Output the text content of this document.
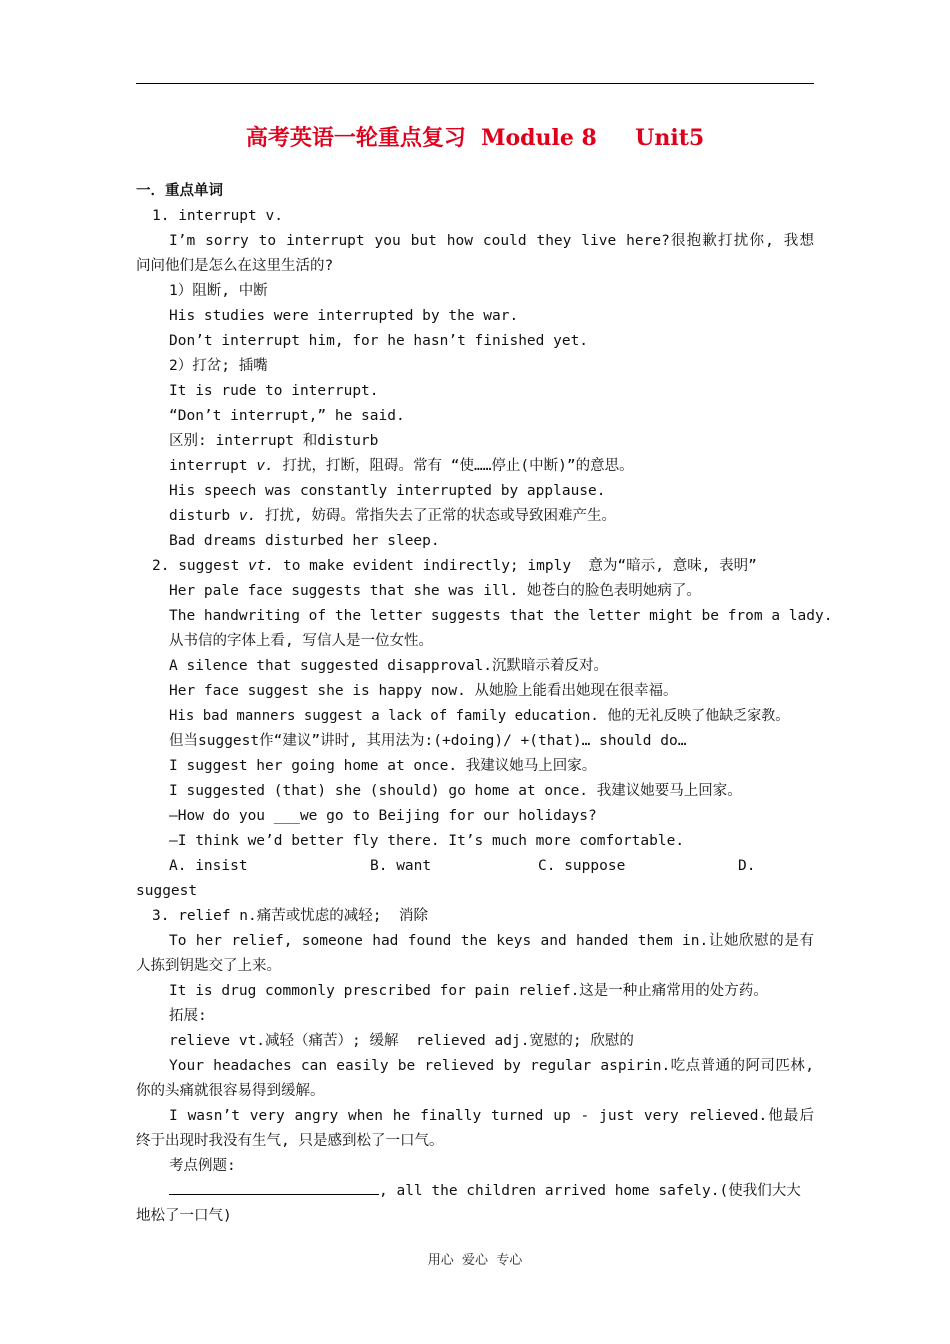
高考英语一轮重点复习  Module 8     Unit5
一．重点单词
1. interrupt v.
I’m sorry to interrupt you but how could they live here?很抱歉打扰你, 我想
问问他们是怎么在这里生活的?
1）阻断, 中断
His studies were interrupted by the war.
Don’t interrupt him, for he hasn’t finished yet.
2）打岔; 插嘴
It is rude to interrupt.
“Don’t interrupt,” he said.
区别: interrupt 和disturb
interrupt v. 打扰，打断，阻碍。常有 “使……停止(中断)”的意思。
His speech was constantly interrupted by applause.
disturb v. 打扰, 妨碍。常指失去了正常的状态或导致困难产生。
Bad dreams disturbed her sleep.
2. suggest vt. to make evident indirectly; imply  意为“暗示, 意味, 表明”
Her pale face suggests that she was ill. 她苍白的脸色表明她病了。
The handwriting of the letter suggests that the letter might be from a lady.
从书信的字体上看, 写信人是一位女性。
A silence that suggested disapproval.沉默暗示着反对。
Her face suggest she is happy now. 从她脸上能看出她现在很幸福。
His bad manners suggest a lack of family education. 他的无礼反映了他缺乏家教。
但当suggest作“建议”讲时, 其用法为:(+doing)/ +(that)… should do…
I suggest her going home at once. 我建议她马上回家。
I suggested (that) she (should) go home at once. 我建议她要马上回家。
—How do you ___we go to Beijing for our holidays?
—I think we’d better fly there. It’s much more comfortable.
A. insist	B. want	C. suppose	D.
suggest
3. relief n.痛苦或忧虑的减轻;  消除
To her relief, someone had found the keys and handed them in.让她欣慰的是有
人拣到钥匙交了上来。
It is drug commonly prescribed for pain relief.这是一种止痛常用的处方药。
拓展:
relieve vt.减轻（痛苦）; 缓解  relieved adj.宽慰的; 欣慰的
Your headaches can easily be relieved by regular aspirin.吃点普通的阿司匹林,
你的头痛就很容易得到缓解。
I wasn’t very angry when he finally turned up - just very relieved.他最后
终于出现时我没有生气, 只是感到松了一口气。
考点例题:
, all the children arrived home safely.(使我们大大
地松了一口气)
用心  爱心  专心
